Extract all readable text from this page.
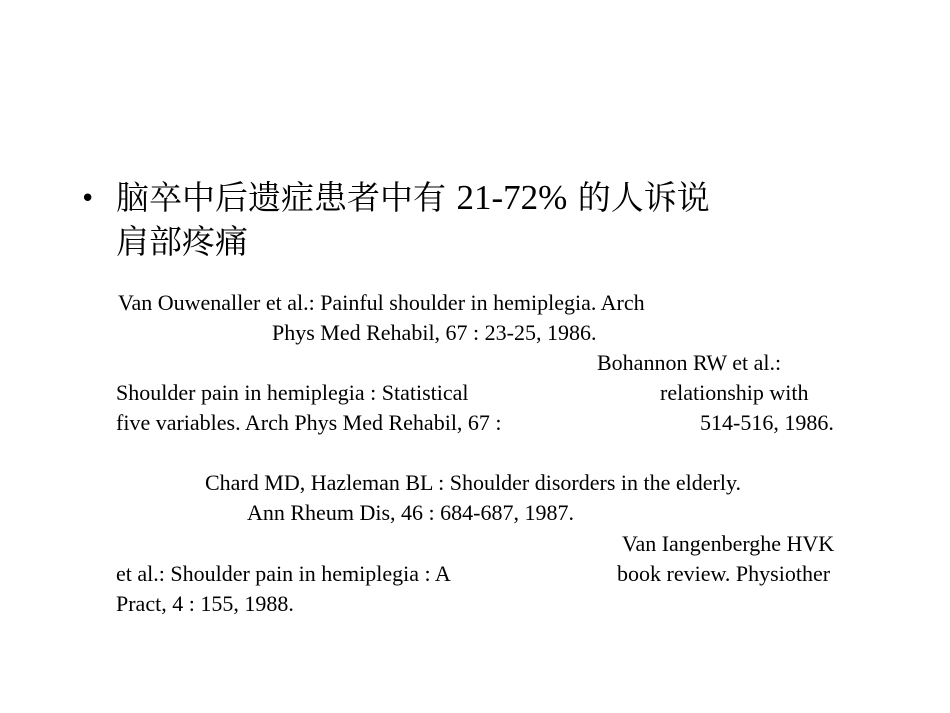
• 脑卒中后遗症患者中有 21-72% 的人诉说
肩部疼痛
Van Ouwenaller et al.: Painful shoulder in hemiplegia. Arch
Phys Med Rehabil, 67 : 23-25, 1986.
Bohannon RW et al.:
Shoulder pain in hemiplegia : Statistical	relationship with
five variables. Arch Phys Med Rehabil, 67 :	514-516, 1986.
Chard MD, Hazleman BL : Shoulder disorders in the elderly.
Ann Rheum Dis, 46 : 684-687, 1987.
Van Iangenberghe HVK
et al.: Shoulder pain in hemiplegia : A	book review. Physiother
Pract, 4 : 155, 1988.
